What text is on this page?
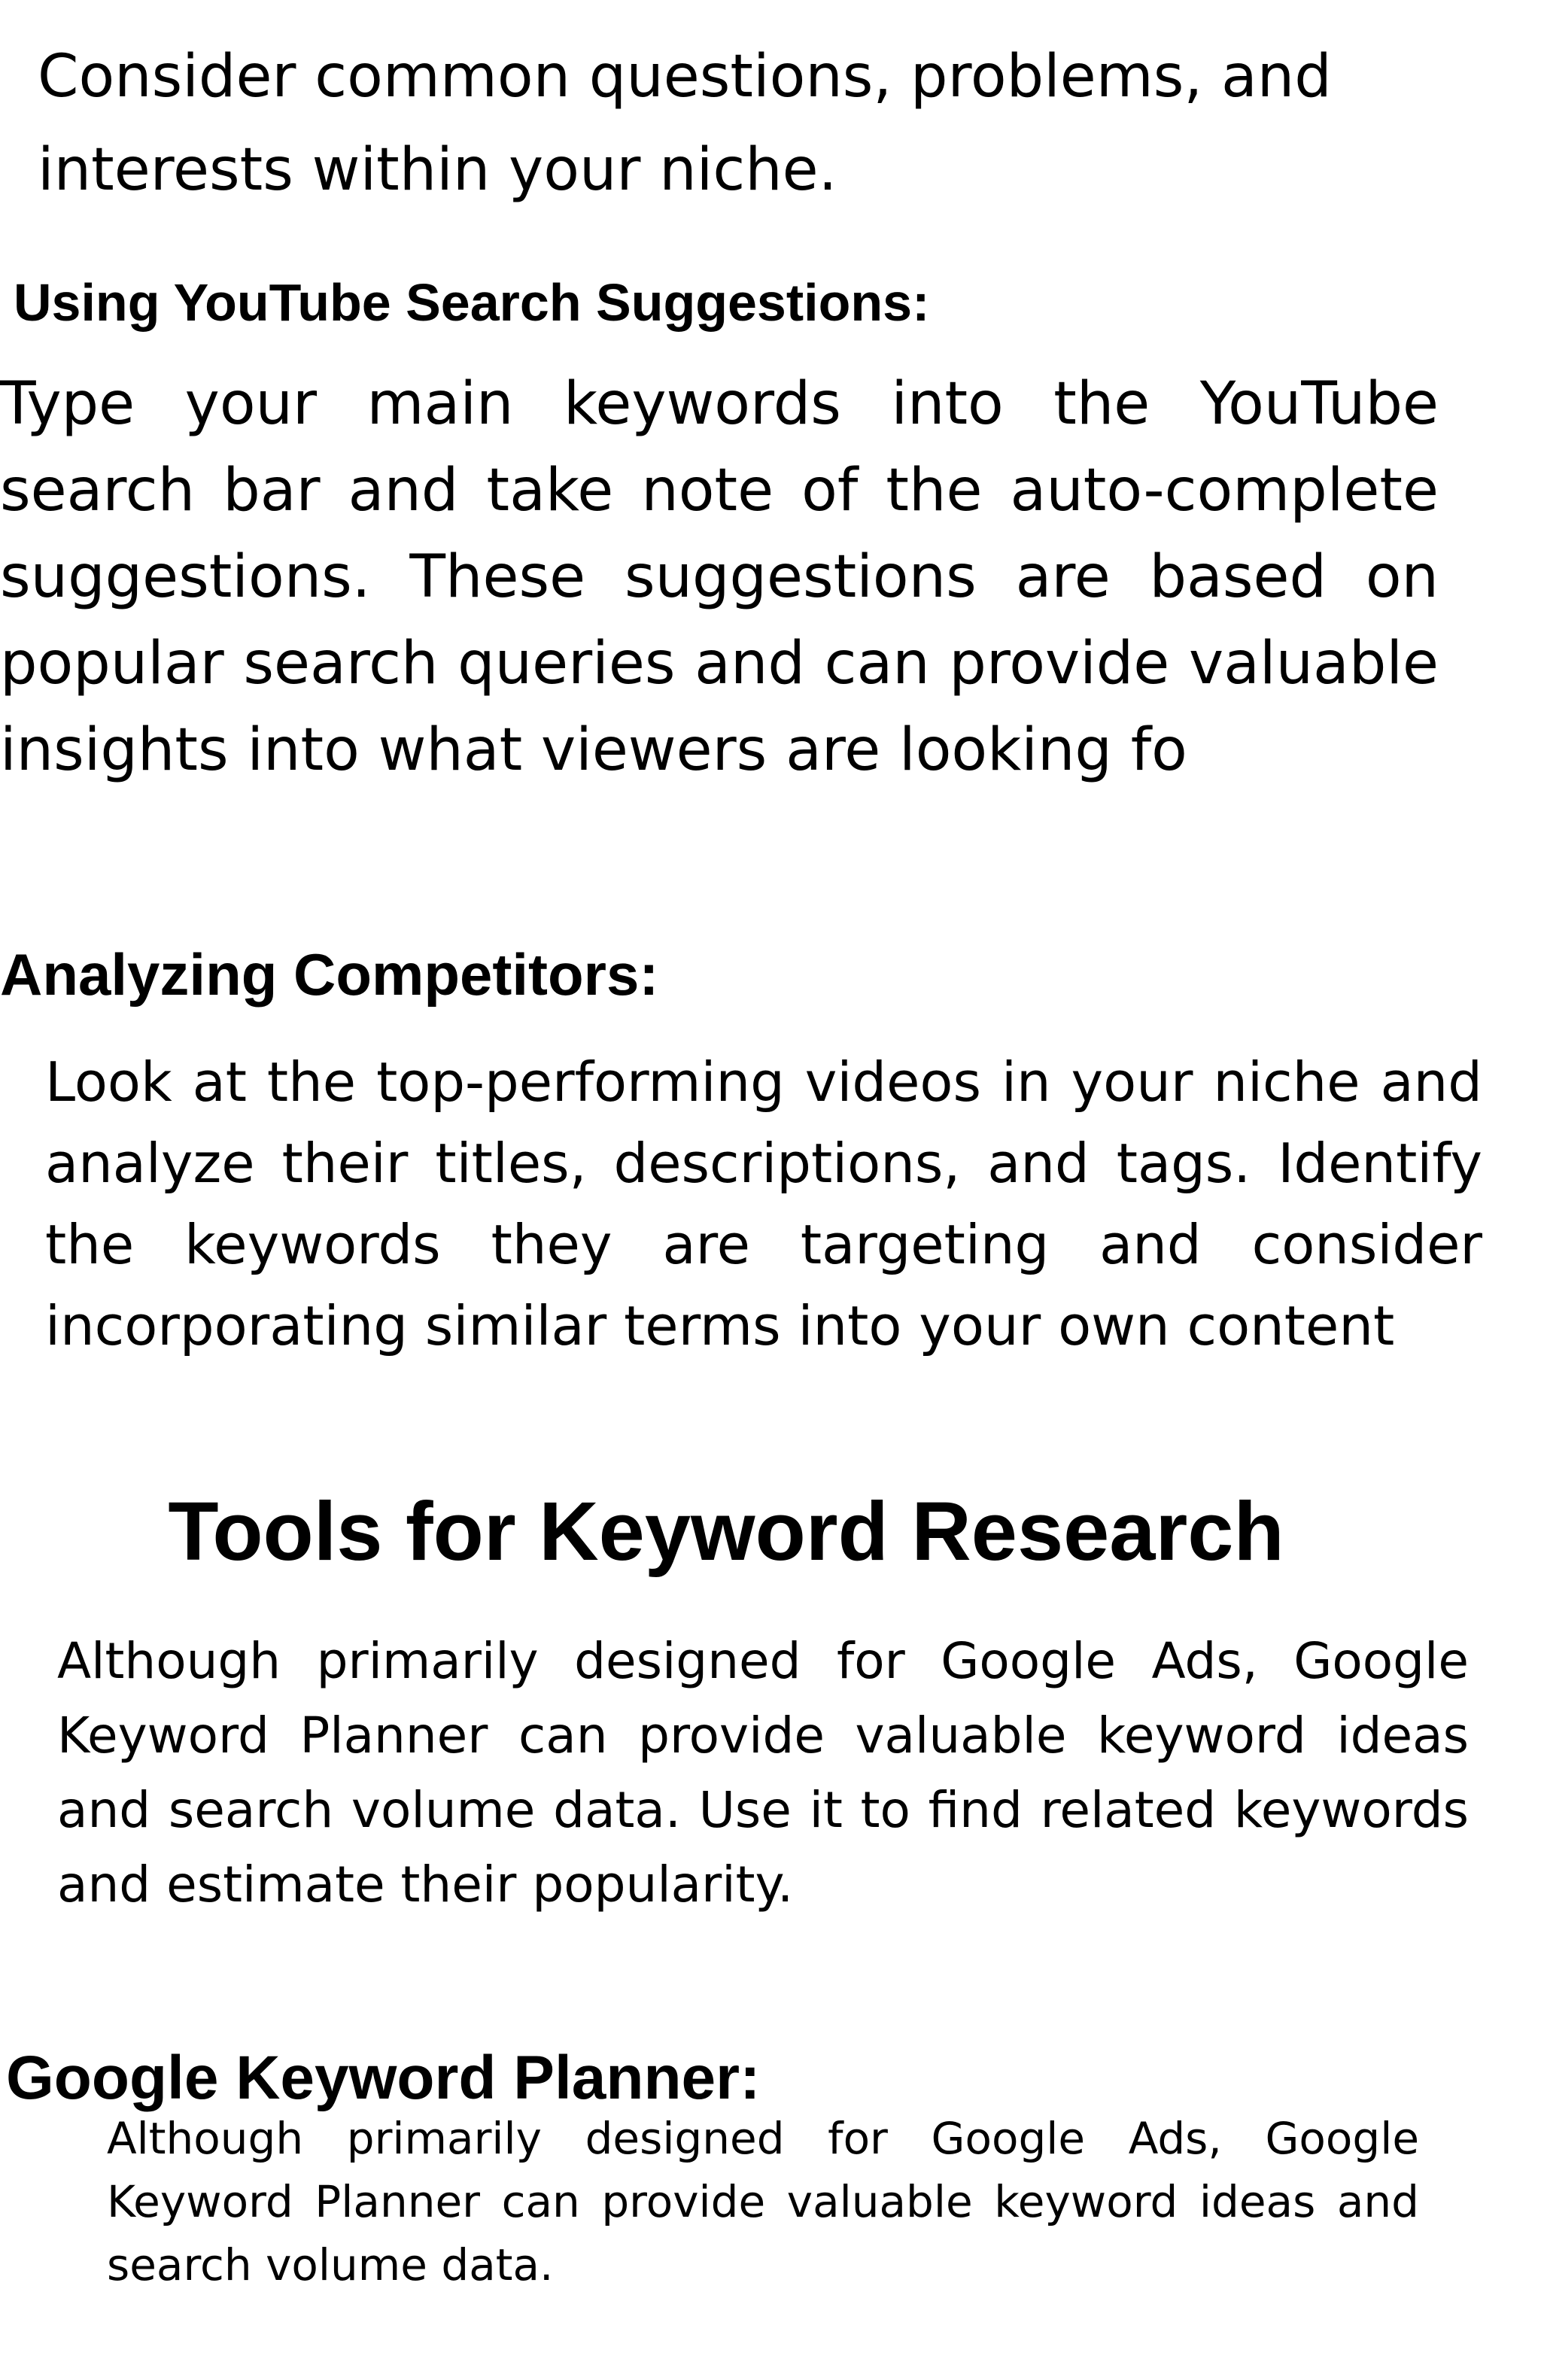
Consider common questions, problems, and interests within your niche.

Using YouTube Search Suggestions:

Type your main keywords into the YouTube search bar and take note of the auto-complete suggestions. These suggestions are based on popular search queries and can provide valuable insights into what viewers are looking fo

Analyzing Competitors:

Look at the top-performing videos in your niche and analyze their titles, descriptions, and tags. Identify the keywords they are targeting and consider incorporating similar terms into your own content

Tools for Keyword Research

Although primarily designed for Google Ads, Google Keyword Planner can provide valuable keyword ideas and search volume data. Use it to find related keywords and estimate their popularity.

Google Keyword Planner:

Although primarily designed for Google Ads, Google Keyword Planner can provide valuable keyword ideas and search volume data.
